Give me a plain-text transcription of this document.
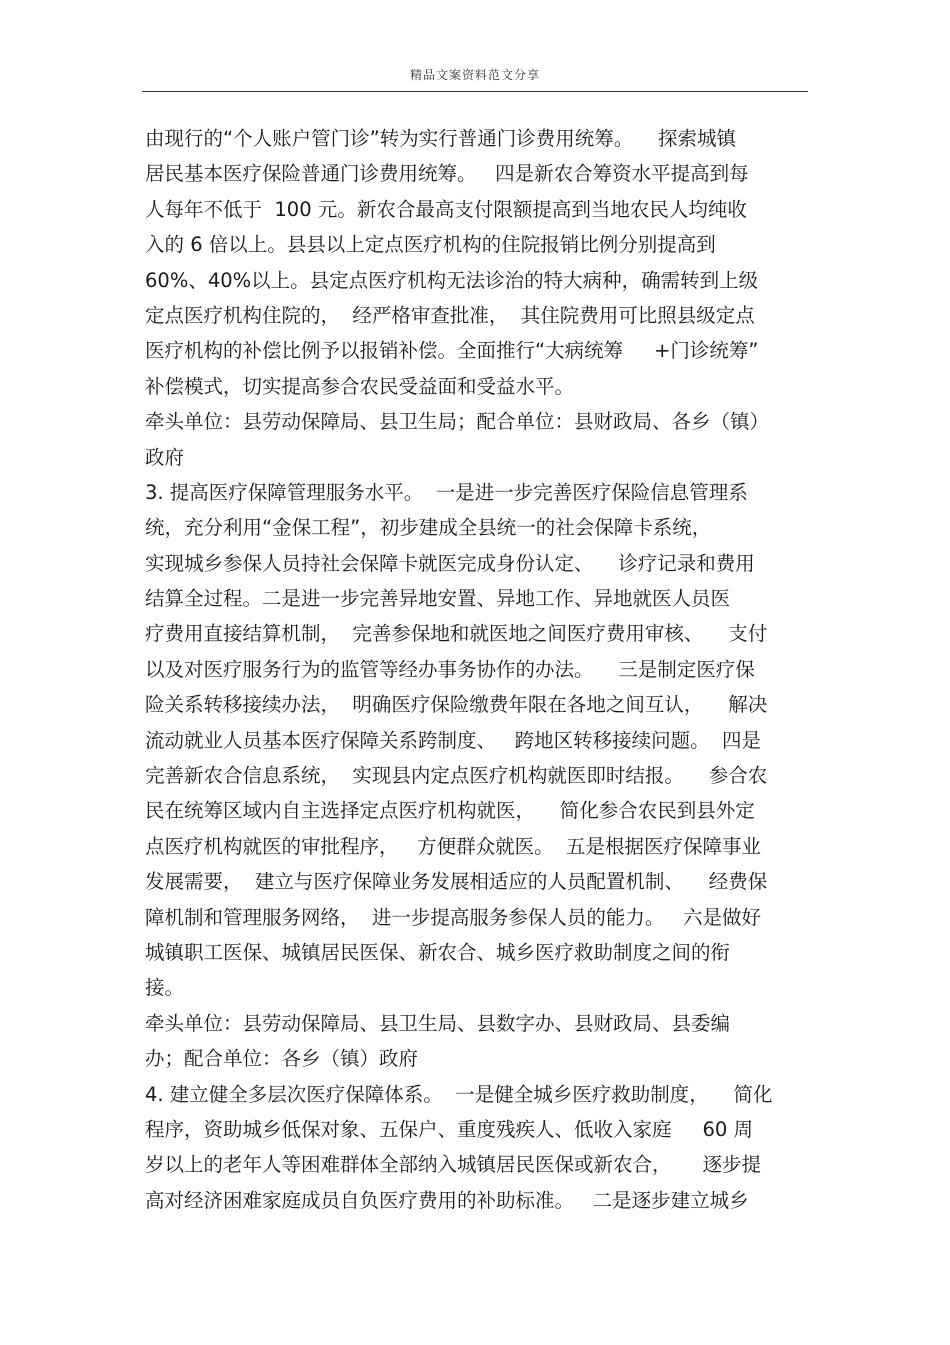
精品文案资料范文分享
由现行的“个人账户管门诊”转为实行普通门诊费用统筹。    探索城镇
居民基本医疗保险普通门诊费用统筹。   四是新农合筹资水平提高到每
人每年不低于  100 元。新农合最高支付限额提高到当地农民人均纯收
入的 6 倍以上。县县以上定点医疗机构的住院报销比例分别提高到
60%、40%以上。县定点医疗机构无法诊治的特大病种，确需转到上级
定点医疗机构住院的，  经严格审查批准，  其住院费用可比照县级定点
医疗机构的补偿比例予以报销补偿。全面推行“大病统筹     +门诊统筹”
补偿模式，切实提高参合农民受益面和受益水平。
牵头单位：县劳动保障局、县卫生局；配合单位：县财政局、各乡（镇）
政府
3. 提高医疗保障管理服务水平。  一是进一步完善医疗保险信息管理系
统，充分利用“金保工程”，初步建成全县统一的社会保障卡系统，
实现城乡参保人员持社会保障卡就医完成身份认定、    诊疗记录和费用
结算全过程。二是进一步完善异地安置、异地工作、异地就医人员医
疗费用直接结算机制，  完善参保地和就医地之间医疗费用审核、    支付
以及对医疗服务行为的监管等经办事务协作的办法。    三是制定医疗保
险关系转移接续办法，  明确医疗保险缴费年限在各地之间互认，    解决
流动就业人员基本医疗保障关系跨制度、   跨地区转移接续问题。  四是
完善新农合信息系统，  实现县内定点医疗机构就医即时结报。    参合农
民在统筹区域内自主选择定点医疗机构就医，    简化参合农民到县外定
点医疗机构就医的审批程序，   方便群众就医。  五是根据医疗保障事业
发展需要，  建立与医疗保障业务发展相适应的人员配置机制、    经费保
障机制和管理服务网络，  进一步提高服务参保人员的能力。   六是做好
城镇职工医保、城镇居民医保、新农合、城乡医疗救助制度之间的衔
接。
牵头单位：县劳动保障局、县卫生局、县数字办、县财政局、县委编
办；配合单位：各乡（镇）政府
4. 建立健全多层次医疗保障体系。  一是健全城乡医疗救助制度，    简化
程序，资助城乡低保对象、五保户、重度残疾人、低收入家庭     60 周
岁以上的老年人等困难群体全部纳入城镇居民医保或新农合，     逐步提
高对经济困难家庭成员自负医疗费用的补助标准。   二是逐步建立城乡
